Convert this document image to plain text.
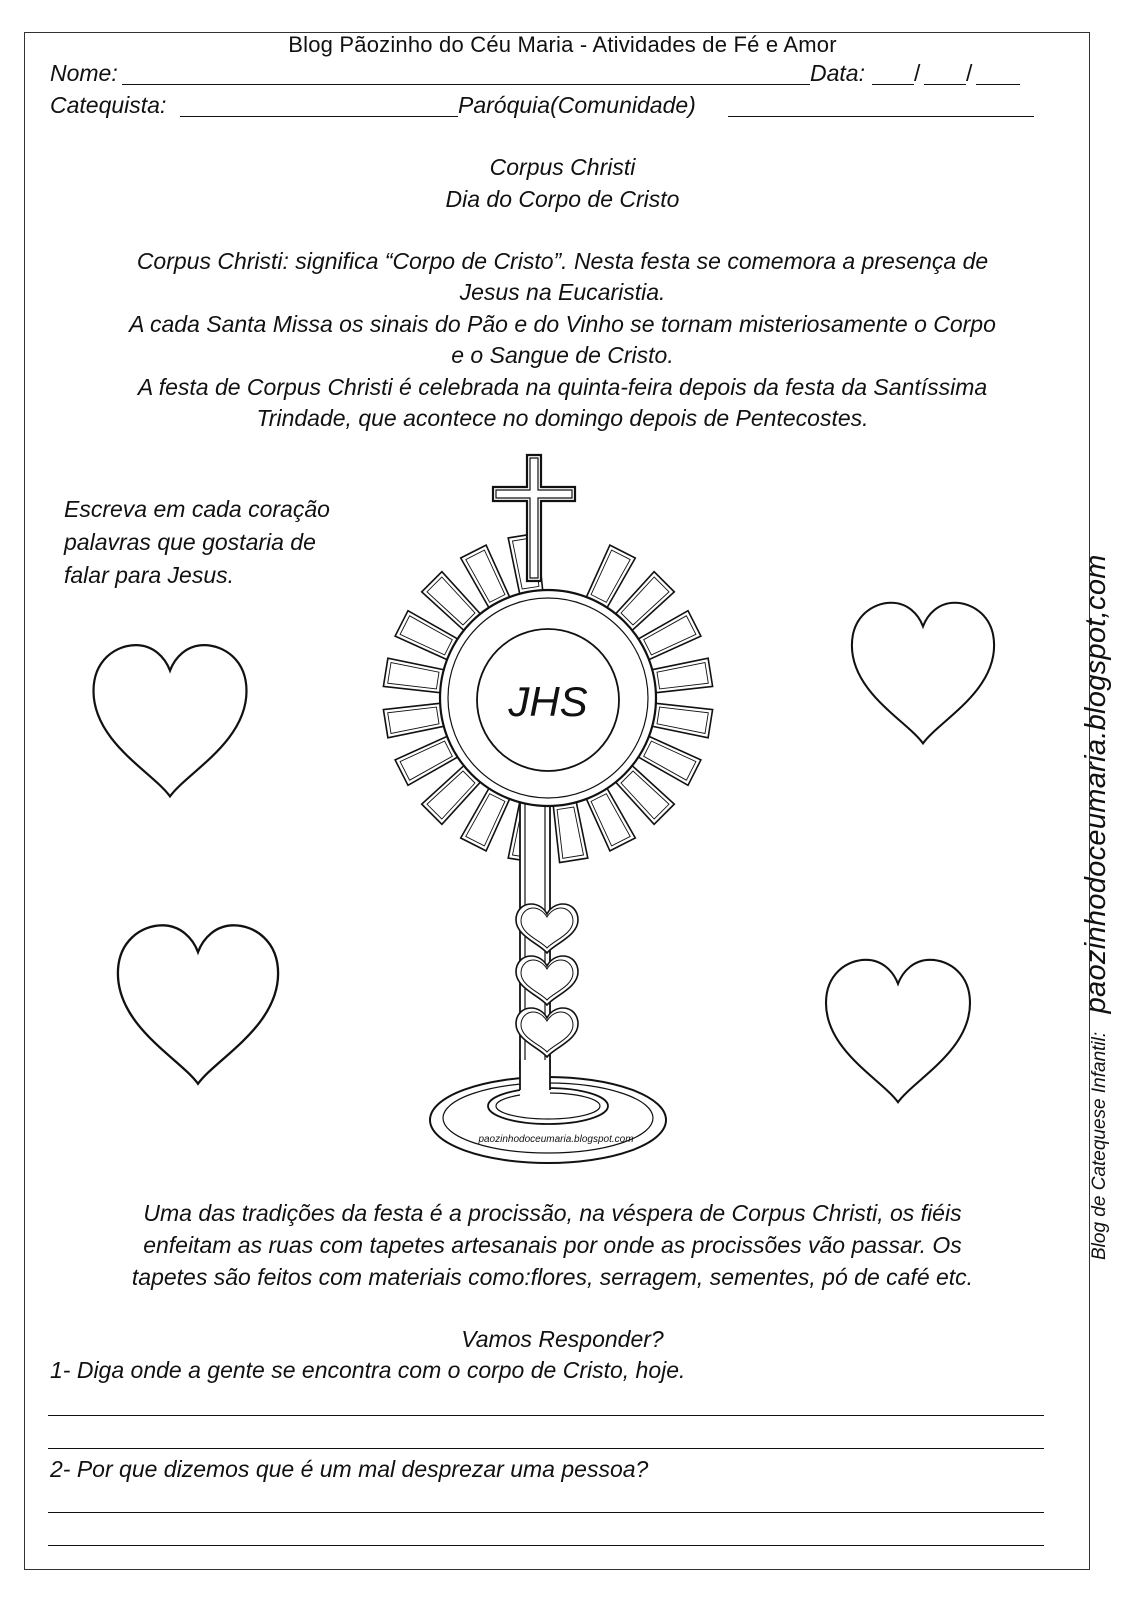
Blog Pãozinho do Céu Maria - Atividades de Fé e Amor
Nome:	Data: / /
Catequista:	Paróquia(Comunidade)
Corpus Christi
Dia do Corpo de Cristo
Corpus Christi: significa “Corpo de Cristo”. Nesta festa se comemora a presença de
Jesus na Eucaristia.
A cada Santa Missa os sinais do Pão e do Vinho se tornam misteriosamente o Corpo
e o Sangue de Cristo.
A festa de Corpus Christi é celebrada na quinta-feira depois da festa da Santíssima
Trindade, que acontece no domingo depois de Pentecostes.
Escreva em cada coração
palavras que gostaria de
falar para Jesus.
JHS
paozinhodoceumaria.blogspot.com	Blog de Catequese Infantil: paozinhodoceumaria.blogspot,com
Uma das tradições da festa é a procissão, na véspera de Corpus Christi, os fiéis
enfeitam as ruas com tapetes artesanais por onde as procissões vão passar. Os
tapetes são feitos com materiais como:flores, serragem, sementes, pó de café etc.
Vamos Responder?
1- Diga onde a gente se encontra com o corpo de Cristo, hoje.
2- Por que dizemos que é um mal desprezar uma pessoa?
